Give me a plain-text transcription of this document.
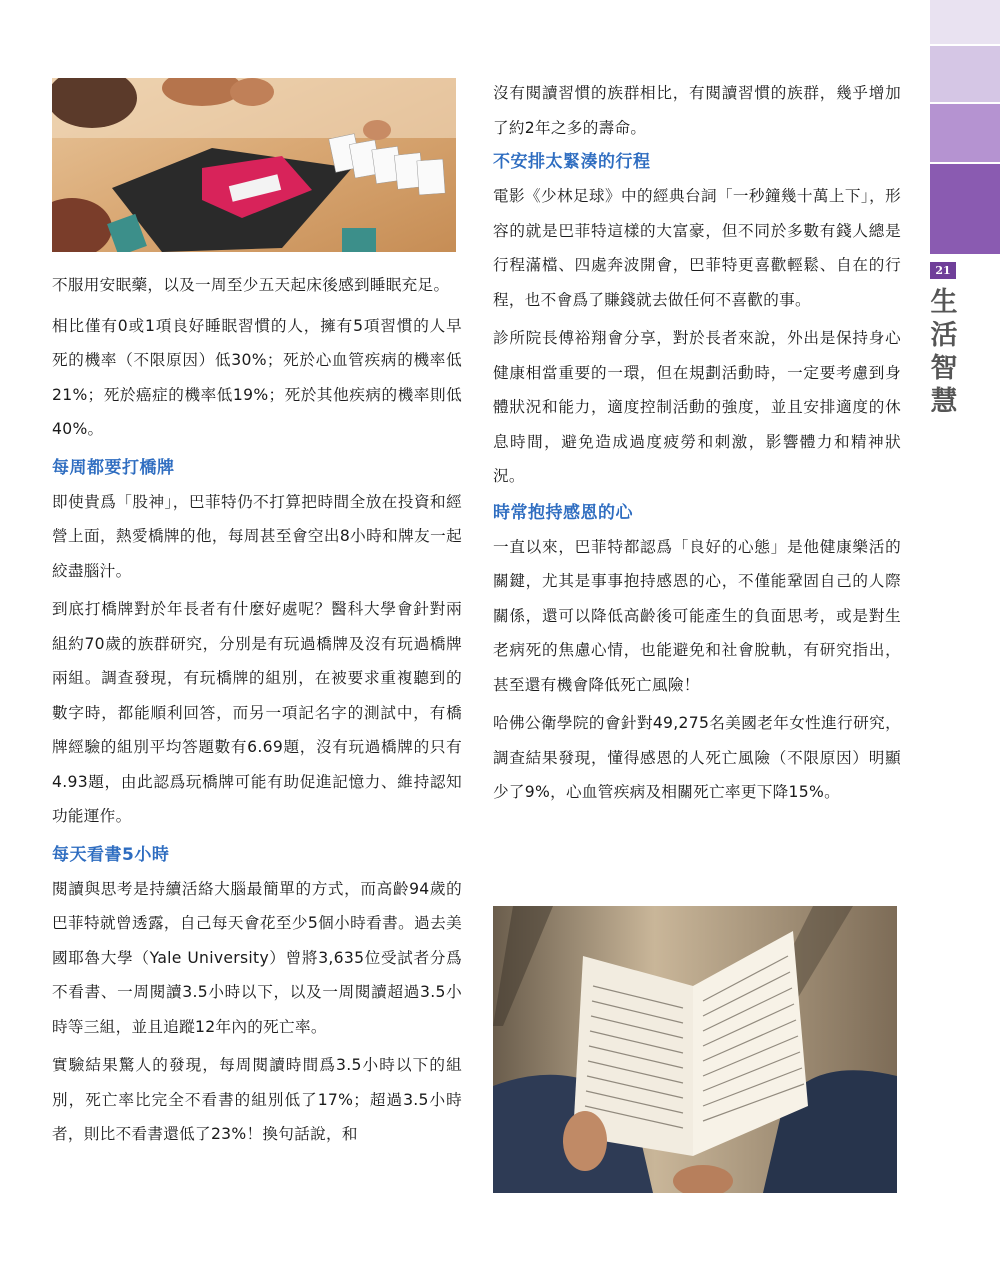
不服用安眠藥，以及一周至少五天起床後感到睡眠充足。

相比僅有0或1項良好睡眠習慣的人，擁有5項習慣的人早死的機率（不限原因）低30%；死於心血管疾病的機率低21%；死於癌症的機率低19%；死於其他疾病的機率則低40%。

每周都要打橋牌

即使貴爲「股神」，巴菲特仍不打算把時間全放在投資和經營上面，熱愛橋牌的他，每周甚至會空出8小時和牌友一起絞盡腦汁。

到底打橋牌對於年長者有什麼好處呢？醫科大學會針對兩組約70歲的族群研究，分別是有玩過橋牌及沒有玩過橋牌兩組。調查發現，有玩橋牌的組別，在被要求重複聽到的數字時，都能順利回答，而另一項記名字的測試中，有橋牌經驗的組別平均答題數有6.69題，沒有玩過橋牌的只有4.93題，由此認爲玩橋牌可能有助促進記憶力、維持認知功能運作。

每天看書5小時

閱讀與思考是持續活絡大腦最簡單的方式，而高齡94歲的巴菲特就曾透露，自己每天會花至少5個小時看書。過去美國耶魯大學（Yale University）曾將3,635位受試者分爲不看書、一周閱讀3.5小時以下，以及一周閱讀超過3.5小時等三組，並且追蹤12年內的死亡率。

實驗結果驚人的發現，每周閱讀時間爲3.5小時以下的組別，死亡率比完全不看書的組別低了17%；超過3.5小時者，則比不看書還低了23%！換句話說，和

沒有閱讀習慣的族群相比，有閱讀習慣的族群，幾乎增加了約2年之多的壽命。

不安排太緊湊的行程

電影《少林足球》中的經典台詞「一秒鐘幾十萬上下」，形容的就是巴菲特這樣的大富豪，但不同於多數有錢人總是行程滿檔、四處奔波開會，巴菲特更喜歡輕鬆、自在的行程，也不會爲了賺錢就去做任何不喜歡的事。

診所院長傅裕翔會分享，對於長者來說，外出是保持身心健康相當重要的一環，但在規劃活動時，一定要考慮到身體狀況和能力，適度控制活動的強度，並且安排適度的休息時間，避免造成過度疲勞和刺激，影響體力和精神狀況。

時常抱持感恩的心

一直以來，巴菲特都認爲「良好的心態」是他健康樂活的關鍵，尤其是事事抱持感恩的心，不僅能鞏固自己的人際關係，還可以降低高齡後可能產生的負面思考，或是對生老病死的焦慮心情，也能避免和社會脫軌，有研究指出，甚至還有機會降低死亡風險！

哈佛公衛學院的會針對49,275名美國老年女性進行研究，調查結果發現，懂得感恩的人死亡風險（不限原因）明顯少了9%，心血管疾病及相關死亡率更下降15%。

21
生
活
智
慧
